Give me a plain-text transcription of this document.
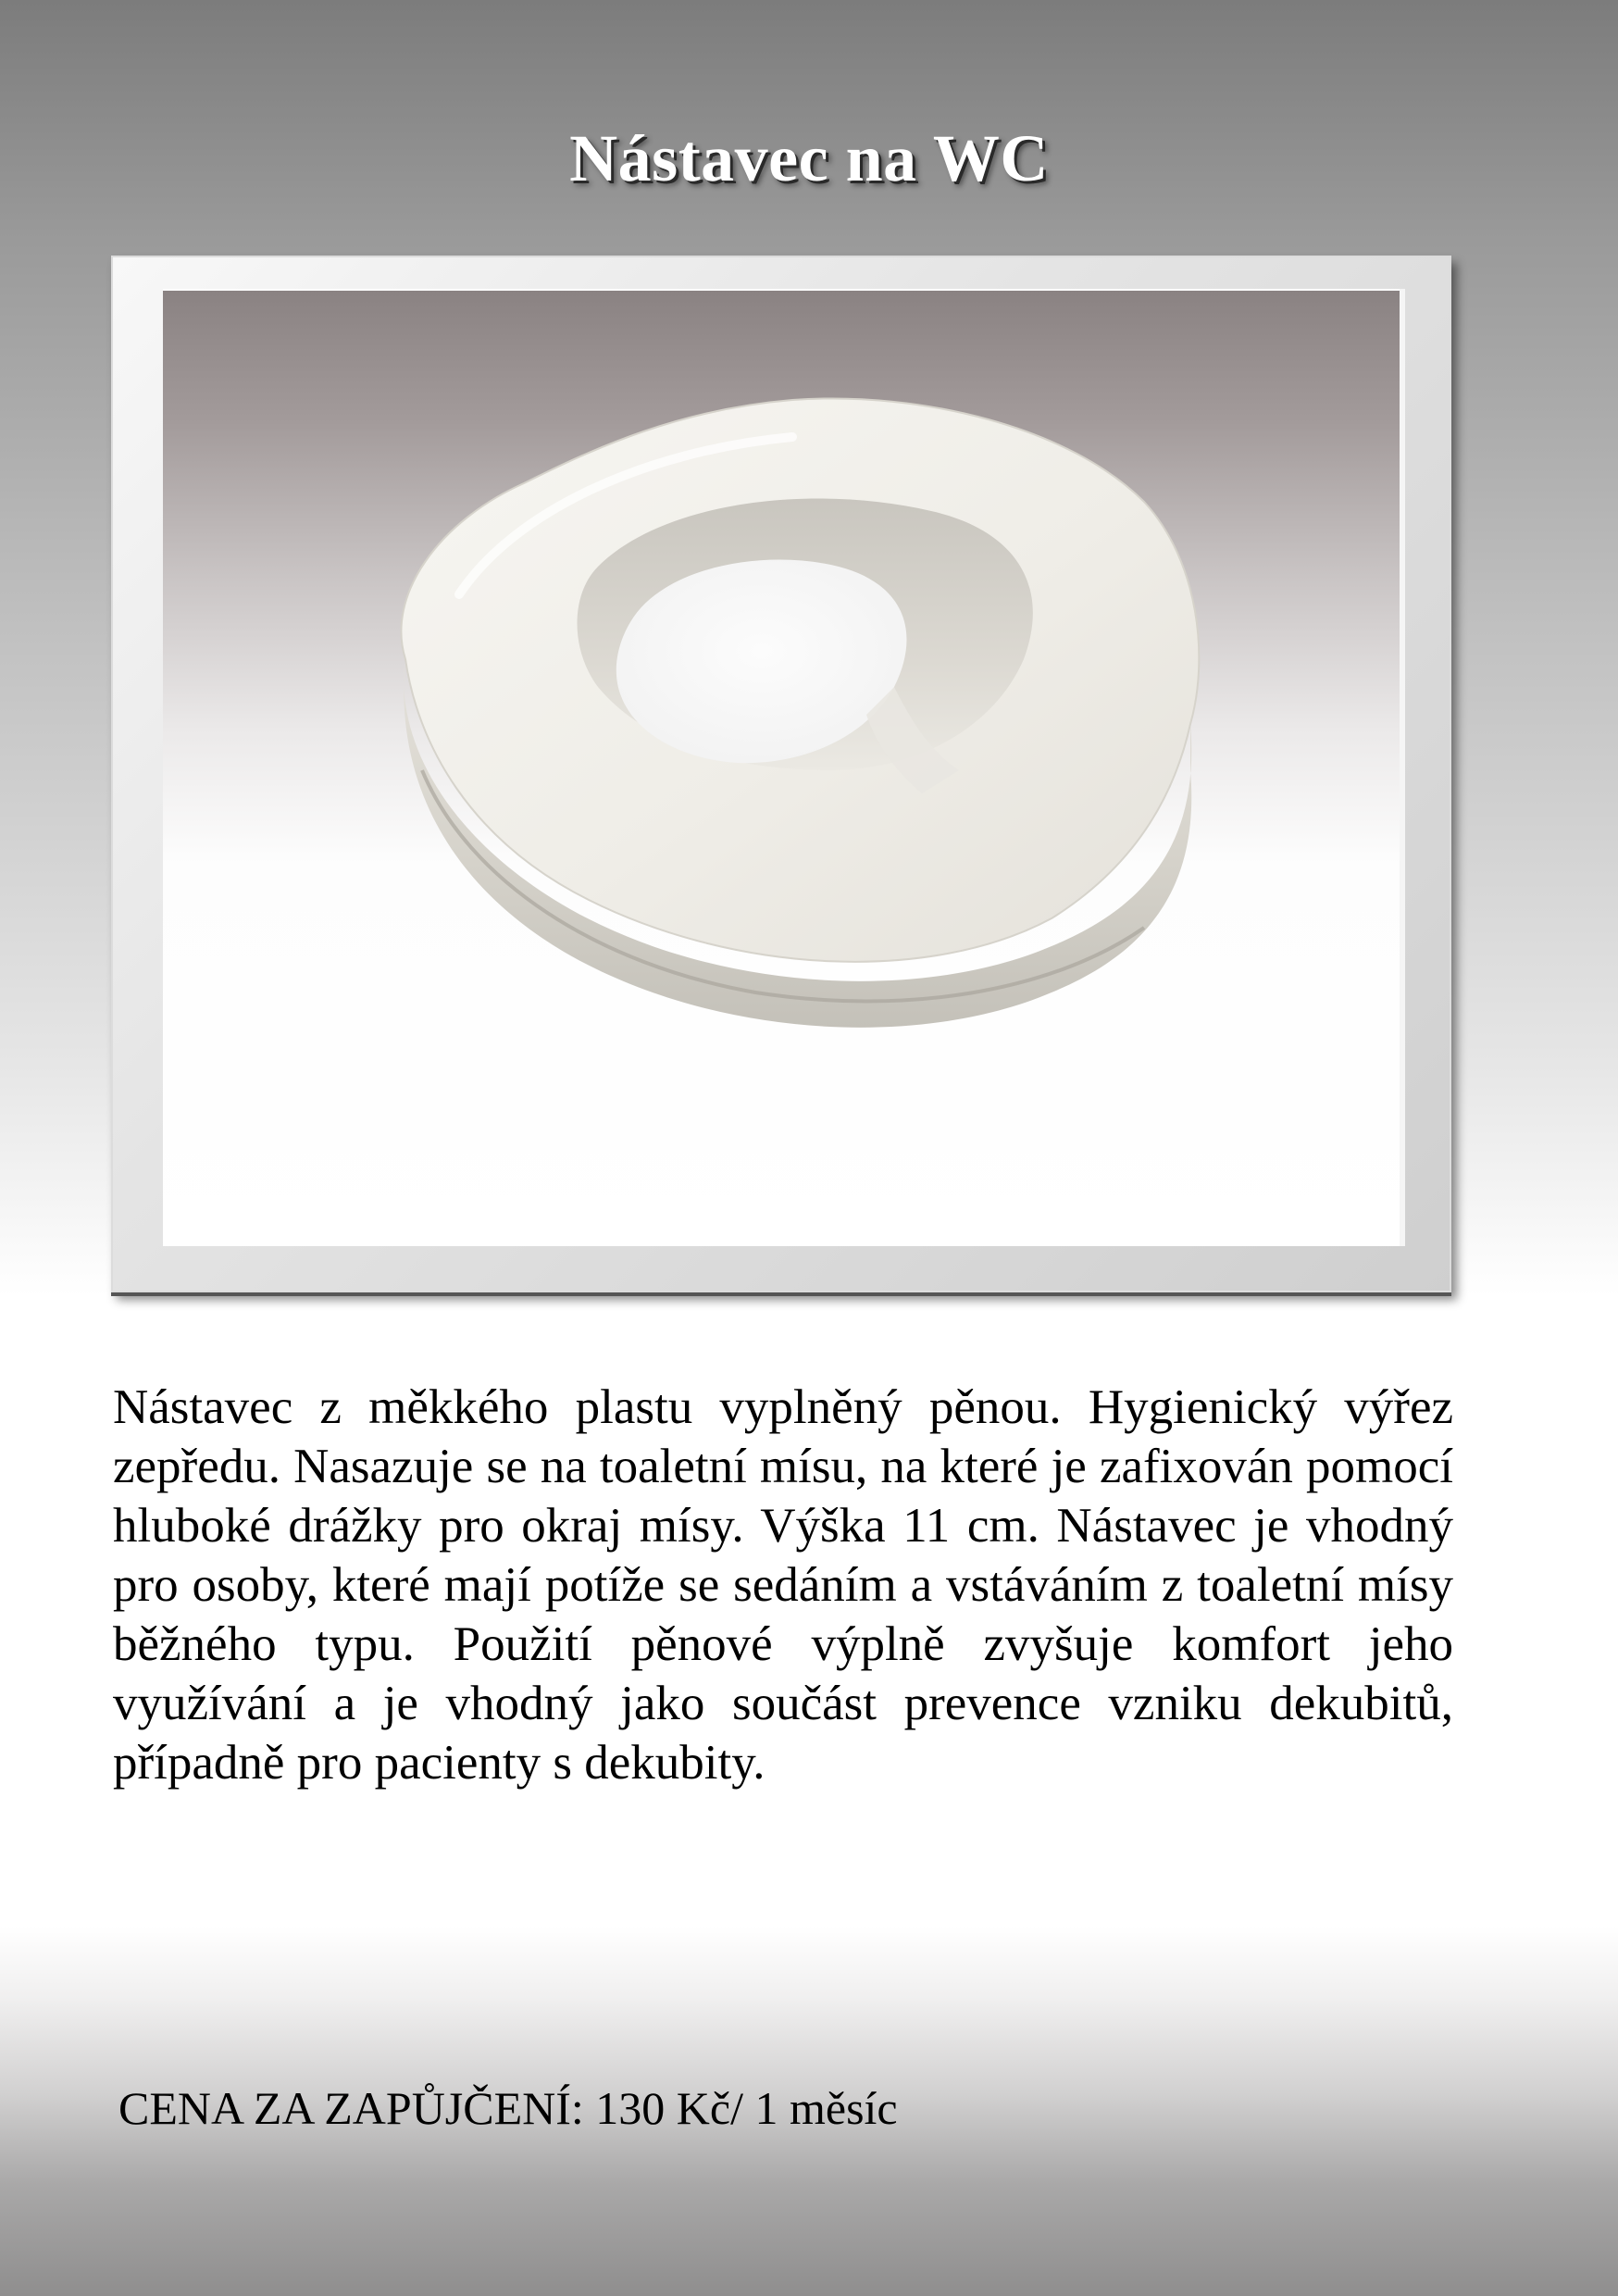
Nástavec na WC
Nástavec z měkkého plastu vyplněný pěnou. Hygienický výřez zepředu. Nasazuje se na toaletní mísu, na které je zafixován pomocí hluboké drážky pro okraj mísy. Výška 11 cm. Nástavec je vhodný pro osoby, které mají potíže se sedáním a vstáváním z toaletní mísy běžného typu. Použití pěnové výplně zvyšuje komfort jeho využívání a je vhodný jako součást prevence vzniku dekubitů, případně pro pacienty s dekubity.
CENA ZA ZAPŮJČENÍ: 130 Kč/ 1 měsíc
